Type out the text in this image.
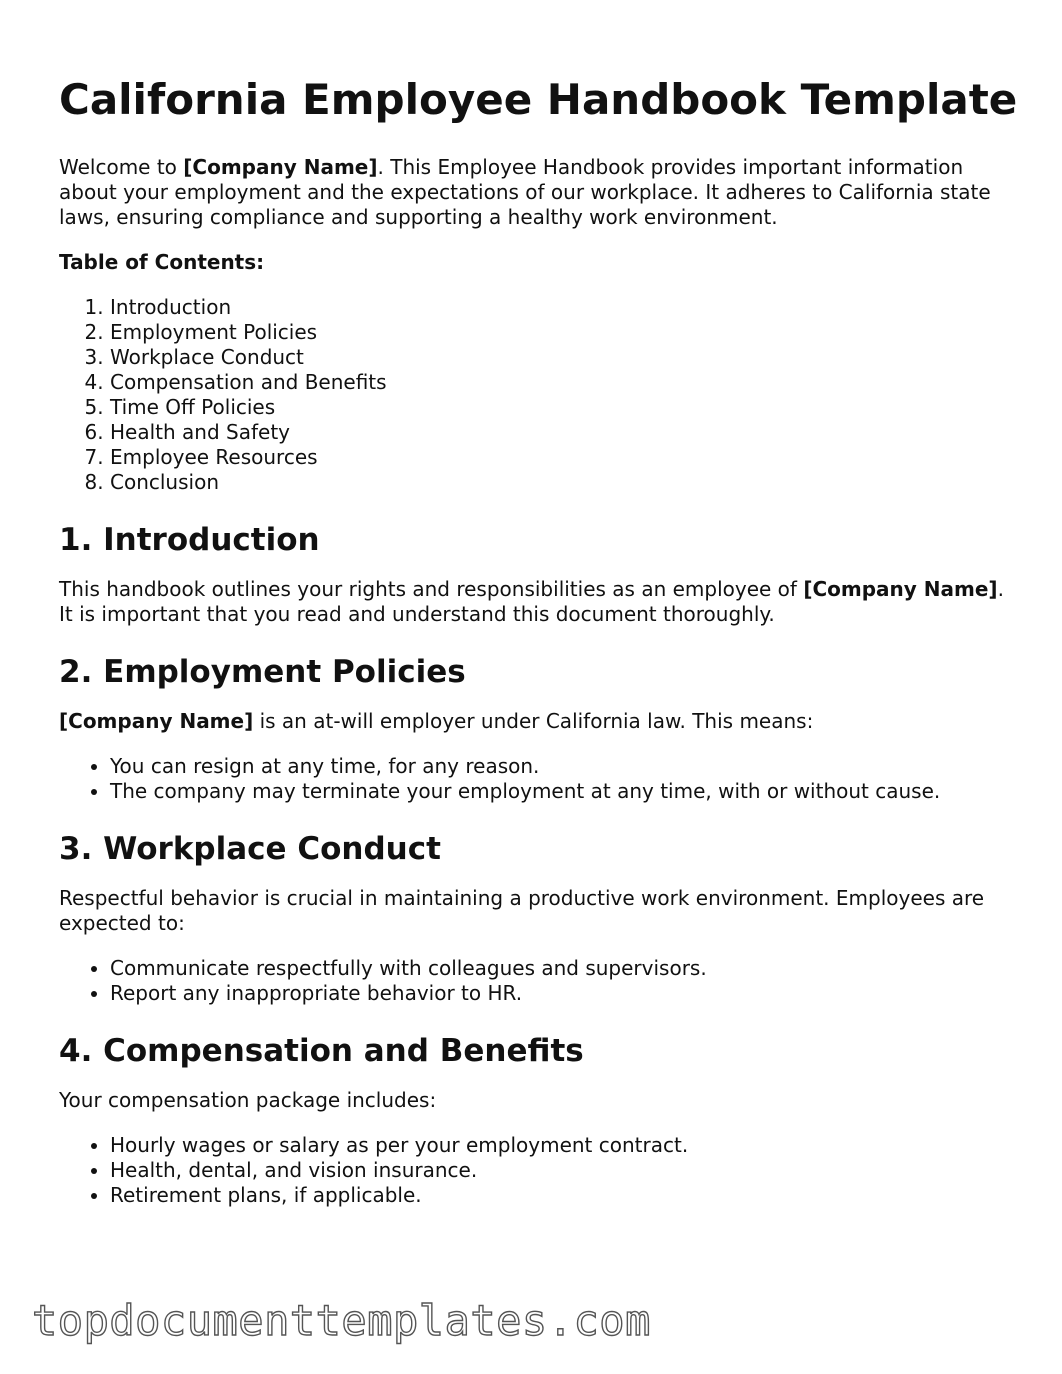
California Employee Handbook Template

Welcome to [Company Name]. This Employee Handbook provides important information about your employment and the expectations of our workplace. It adheres to California state laws, ensuring compliance and supporting a healthy work environment.

Table of Contents:
1. Introduction
2. Employment Policies
3. Workplace Conduct
4. Compensation and Benefits
5. Time Off Policies
6. Health and Safety
7. Employee Resources
8. Conclusion
1. Introduction

This handbook outlines your rights and responsibilities as an employee of [Company Name]. It is important that you read and understand this document thoroughly.

2. Employment Policies

[Company Name] is an at-will employer under California law. This means:

• You can resign at any time, for any reason.
• The company may terminate your employment at any time, with or without cause.
3. Workplace Conduct

Respectful behavior is crucial in maintaining a productive work environment. Employees are expected to:

• Communicate respectfully with colleagues and supervisors.
• Report any inappropriate behavior to HR.
4. Compensation and Benefits

Your compensation package includes:

• Hourly wages or salary as per your employment contract.
• Health, dental, and vision insurance.
• Retirement plans, if applicable.
topdocumenttemplates.com
